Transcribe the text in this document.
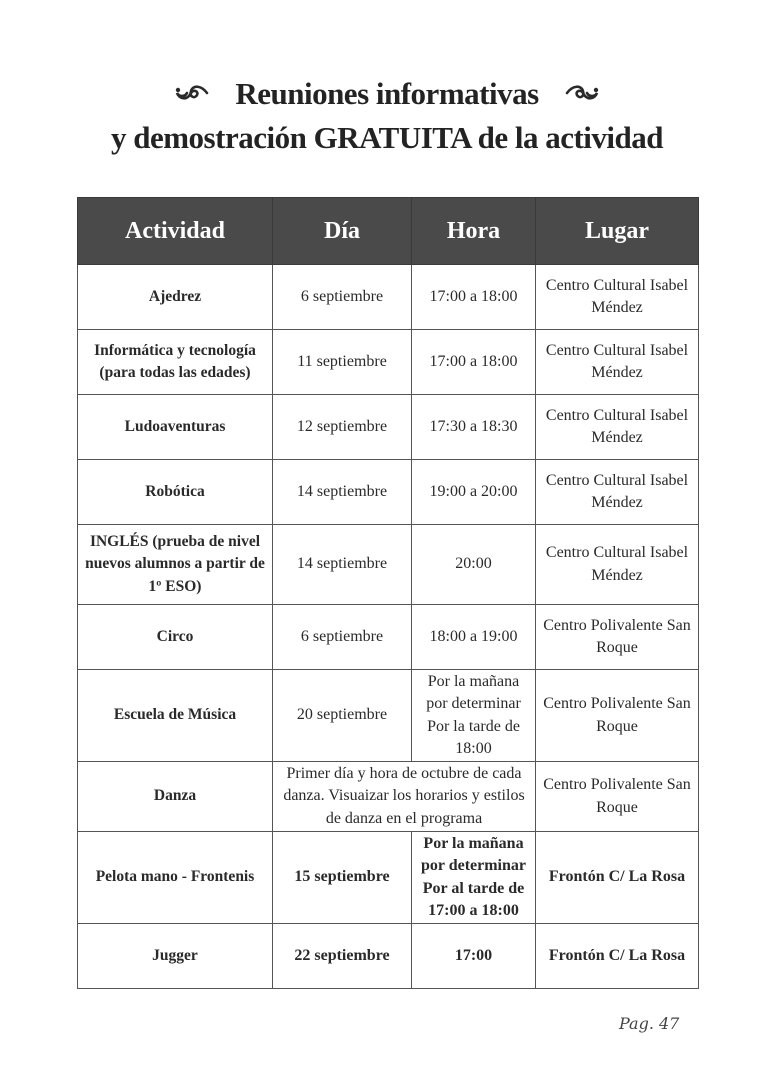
Reuniones informativas
y demostración GRATUITA de la actividad
Actividad	Día	Hora	Lugar
Ajedrez	6 septiembre	17:00 a 18:00	Centro Cultural Isabel Méndez
Informática y tecnología (para todas las edades)	11 septiembre	17:00 a 18:00	Centro Cultural Isabel Méndez
Ludoaventuras	12 septiembre	17:30 a 18:30	Centro Cultural Isabel Méndez
Robótica	14 septiembre	19:00 a 20:00	Centro Cultural Isabel Méndez
INGLÉS (prueba de nivel nuevos alumnos a partir de 1º ESO)	14 septiembre	20:00	Centro Cultural Isabel Méndez
Circo	6 septiembre	18:00 a 19:00	Centro Polivalente San Roque
Escuela de Música	20 septiembre	Por la mañana por determinar Por la tarde de 18:00	Centro Polivalente San Roque
Danza	Primer día y hora de octubre de cada danza. Visuaizar los horarios y estilos de danza en el programa		Centro Polivalente San Roque
Pelota mano - Frontenis	15 septiembre	Por la mañana por determinar Por al tarde de 17:00 a 18:00	Frontón C/ La Rosa
Jugger	22 septiembre	17:00	Frontón C/ La Rosa
Pag. 47
